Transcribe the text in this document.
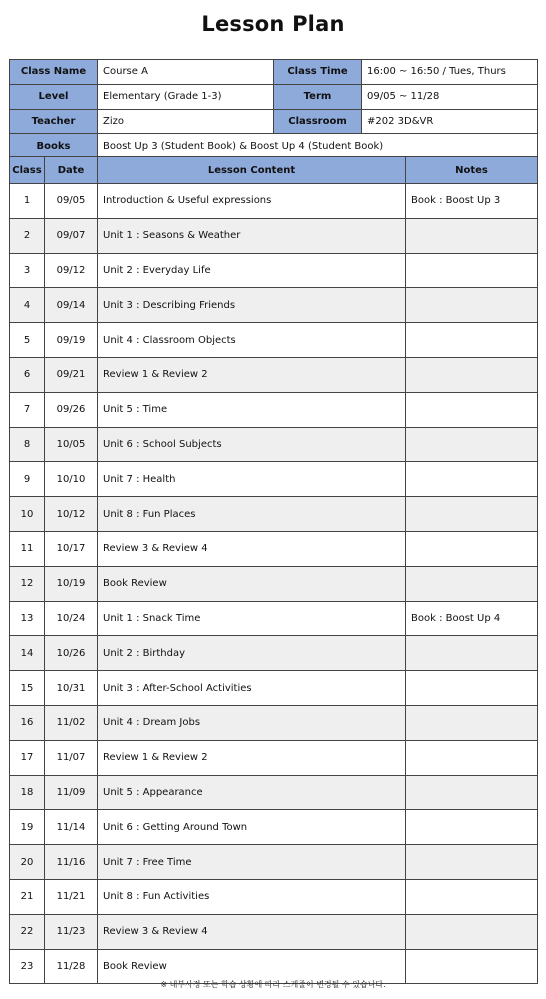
Lesson Plan
Class Name	Course A	Class Time	16:00 ~ 16:50 / Tues, Thurs
Level	Elementary (Grade 1-3)	Term	09/05 ~ 11/28
Teacher	Zizo	Classroom	#202 3D&VR
Books	Boost Up 3 (Student Book) & Boost Up 4 (Student Book)		
Class	Date	Lesson Content	Notes
1	09/05	Introduction & Useful expressions	Book : Boost Up 3
2	09/07	Unit 1 : Seasons & Weather	
3	09/12	Unit 2 : Everyday Life	
4	09/14	Unit 3 : Describing Friends	
5	09/19	Unit 4 : Classroom Objects	
6	09/21	Review 1 & Review 2	
7	09/26	Unit 5 : Time	
8	10/05	Unit 6 : School Subjects	
9	10/10	Unit 7 : Health	
10	10/12	Unit 8 : Fun Places	
11	10/17	Review 3 & Review 4	
12	10/19	Book Review	
13	10/24	Unit 1 : Snack Time	Book : Boost Up 4
14	10/26	Unit 2 : Birthday	
15	10/31	Unit 3 : After-School Activities	
16	11/02	Unit 4 : Dream Jobs	
17	11/07	Review 1 & Review 2	
18	11/09	Unit 5 : Appearance	
19	11/14	Unit 6 : Getting Around Town	
20	11/16	Unit 7 : Free Time	
21	11/21	Unit 8 : Fun Activities	
22	11/23	Review 3 & Review 4	
23	11/28	Book Review	
※ 내부사정 또는 학습 상황에 따라 스케줄이 변경될 수 있습니다.
